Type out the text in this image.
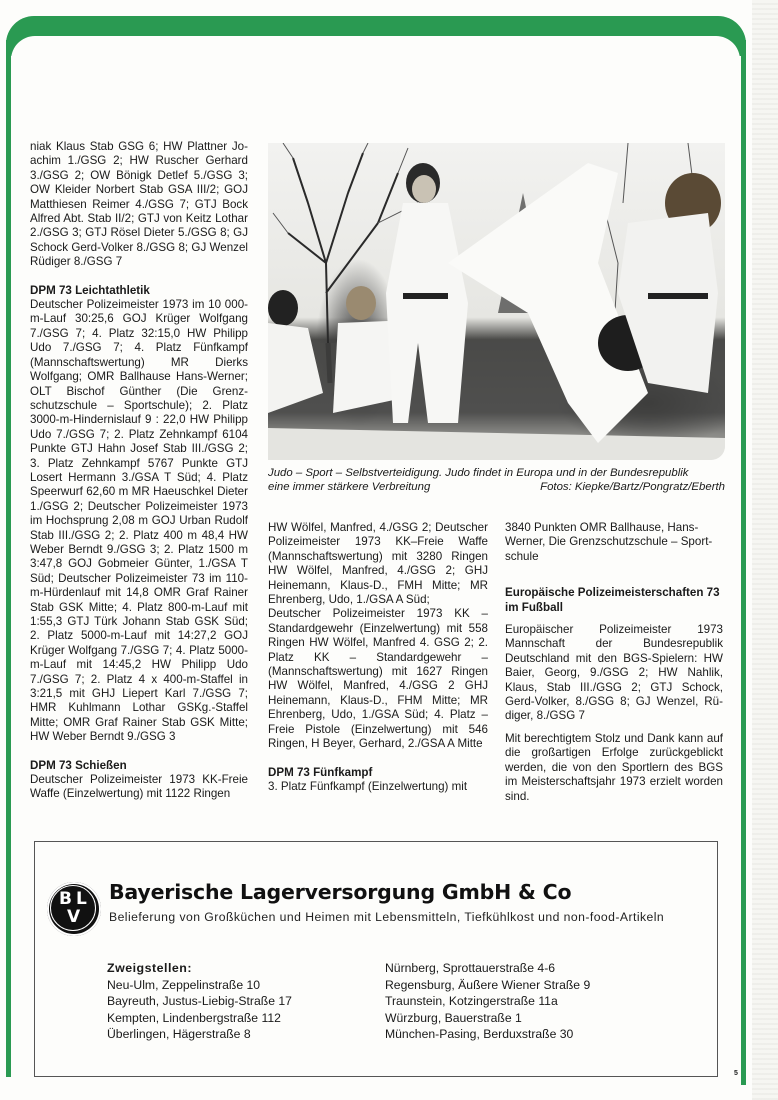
niak Klaus Stab GSG 6; HW Plattner Joachim 1./GSG 2; HW Ruscher Gerhard 3./GSG 2; OW Bönigk Detlef 5./GSG 3; OW Kleider Norbert Stab GSA III/2; GOJ Matthiesen Reimer 4./GSG 7; GTJ Bock Alfred Abt. Stab II/2; GTJ von Keitz Lothar 2./GSG 3; GTJ Rösel Dieter 5./GSG 8; GJ Schock Gerd-Volker 8./GSG 8; GJ Wenzel Rüdiger 8./GSG 7

DPM 73 Leichtathletik

Deutscher Polizeimeister 1973 im 10 000-m-Lauf 30:25,6 GOJ Krüger Wolfgang 7./GSG 7; 4. Platz 32:15,0 HW Philipp Udo 7./GSG 7; 4. Platz Fünfkampf (Mannschaftswertung) MR Dierks Wolfgang; OMR Ballhause Hans-Werner; OLT Bischof Günther (Die Grenzschutzschule – Sportschule); 2. Platz 3000-m-Hindernislauf 9 : 22,0 HW Philipp Udo 7./GSG 7; 2. Platz Zehnkampf 6104 Punkte GTJ Hahn Josef Stab III./GSG 2; 3. Platz Zehnkampf 5767 Punkte GTJ Losert Hermann 3./GSA T Süd; 4. Platz Speerwurf 62,60 m MR Haeuschkel Dieter 1./GSG 2; Deutscher Polizeimeister 1973 im Hochsprung 2,08 m GOJ Urban Rudolf Stab III./GSG 2; 2. Platz 400 m 48,4 HW Weber Berndt 9./GSG 3; 2. Platz 1500 m 3:47,8 GOJ Gobmeier Günter, 1./GSA T Süd; Deutscher Polizeimeister 73 im 110-m-Hürdenlauf mit 14,8 OMR Graf Rainer Stab GSK Mitte; 4. Platz 800-m-Lauf mit 1:55,3 GTJ Türk Johann Stab GSK Süd; 2. Platz 5000-m-Lauf mit 14:27,2 GOJ Krüger Wolfgang 7./GSG 7; 4. Platz 5000-m-Lauf mit 14:45,2 HW Philipp Udo 7./GSG 7; 2. Platz 4 x 400-m-Staffel in 3:21,5 mit GHJ Liepert Karl 7./GSG 7; HMR Kuhlmann Lothar GSKg.-Staffel Mitte; OMR Graf Rainer Stab GSK Mitte; HW Weber Berndt 9./GSG 3

DPM 73 Schießen

Deutscher Polizeimeister 1973 KK-Freie Waffe (Einzelwertung) mit 1122 Ringen

Judo – Sport – Selbstverteidigung. Judo findet in Europa und in der Bundesrepublik
eine immer stärkere Verbreitung	Fotos: Kiepke/Bartz/Pongratz/Eberth

HW Wölfel, Manfred, 4./GSG 2; Deutscher Polizeimeister 1973 KK–Freie Waffe (Mannschaftswertung) mit 3280 Ringen HW Wölfel, Manfred, 4./GSG 2; GHJ Heinemann, Klaus-D., FMH Mitte; MR Ehrenberg, Udo, 1./GSA A Süd;

Deutscher Polizeimeister 1973 KK – Standardgewehr (Einzelwertung) mit 558 Ringen HW Wölfel, Manfred 4. GSG 2; 2. Platz KK – Standardgewehr – (Mannschaftswertung) mit 1627 Ringen HW Wölfel, Manfred, 4./GSG 2 GHJ Heinemann, Klaus-D., FHM Mitte; MR Ehrenberg, Udo, 1./GSA Süd; 4. Platz – Freie Pistole (Einzelwertung) mit 546 Ringen, H Beyer, Gerhard, 2./GSA A Mitte

DPM 73 Fünfkampf

3. Platz Fünfkampf (Einzelwertung) mit

3840 Punkten OMR Ballhause, Hans-Werner, Die Grenzschutzschule – Sportschule

Europäische Polizeimeisterschaften 73 im Fußball

Europäischer Polizeimeister 1973 Mannschaft der Bundesrepublik Deutschland mit den BGS-Spielern: HW Baier, Georg, 9./GSG 2; HW Nahlik, Klaus, Stab III./GSG 2; GTJ Schock, Gerd-Volker, 8./GSG 8; GJ Wenzel, Rüdiger, 8./GSG 7

Mit berechtigtem Stolz und Dank kann auf die großartigen Erfolge zurückgeblickt werden, die von den Sportlern des BGS im Meisterschaftsjahr 1973 erzielt worden sind.

B L
V
Bayerische Lagerversorgung GmbH & Co
Belieferung von Großküchen und Heimen mit Lebensmitteln, Tiefkühlkost und non-food-Artikeln
Zweigstellen:
Neu-Ulm, Zeppelinstraße 10
Bayreuth, Justus-Liebig-Straße 17
Kempten, Lindenbergstraße 112
Überlingen, Hägerstraße 8
Nürnberg, Sprottauerstraße 4-6
Regensburg, Äußere Wiener Straße 9
Traunstein, Kotzingerstraße 11a
Würzburg, Bauerstraße 1
München-Pasing, Berduxstraße 30
5
